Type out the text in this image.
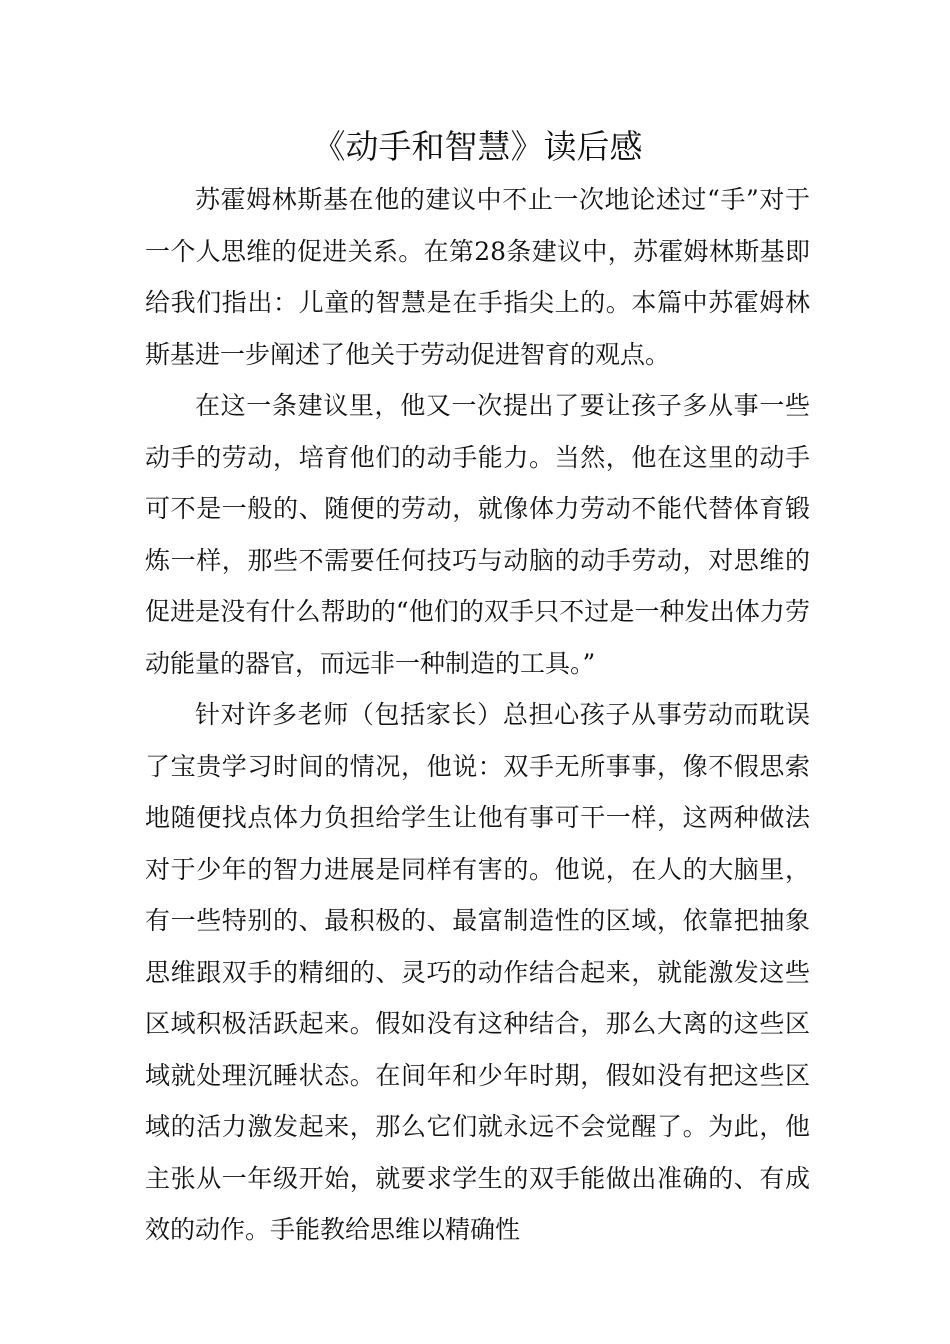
《动手和智慧》读后感

苏霍姆林斯基在他的建议中不止一次地论述过“手”对于一个人思维的促进关系。在第28条建议中，苏霍姆林斯基即给我们指出：儿童的智慧是在手指尖上的。本篇中苏霍姆林斯基进一步阐述了他关于劳动促进智育的观点。

在这一条建议里，他又一次提出了要让孩子多从事一些动手的劳动，培育他们的动手能力。当然，他在这里的动手可不是一般的、随便的劳动，就像体力劳动不能代替体育锻炼一样，那些不需要任何技巧与动脑的动手劳动，对思维的促进是没有什么帮助的“他们的双手只不过是一种发出体力劳动能量的器官，而远非一种制造的工具。”

针对许多老师（包括家长）总担心孩子从事劳动而耽误了宝贵学习时间的情况，他说：双手无所事事，像不假思索地随便找点体力负担给学生让他有事可干一样，这两种做法对于少年的智力进展是同样有害的。他说，在人的大脑里，有一些特别的、最积极的、最富制造性的区域，依靠把抽象思维跟双手的精细的、灵巧的动作结合起来，就能激发这些区域积极活跃起来。假如没有这种结合，那么大离的这些区域就处理沉睡状态。在间年和少年时期，假如没有把这些区域的活力激发起来，那么它们就永远不会觉醒了。为此，他主张从一年级开始，就要求学生的双手能做出准确的、有成效的动作。手能教给思维以精确性
